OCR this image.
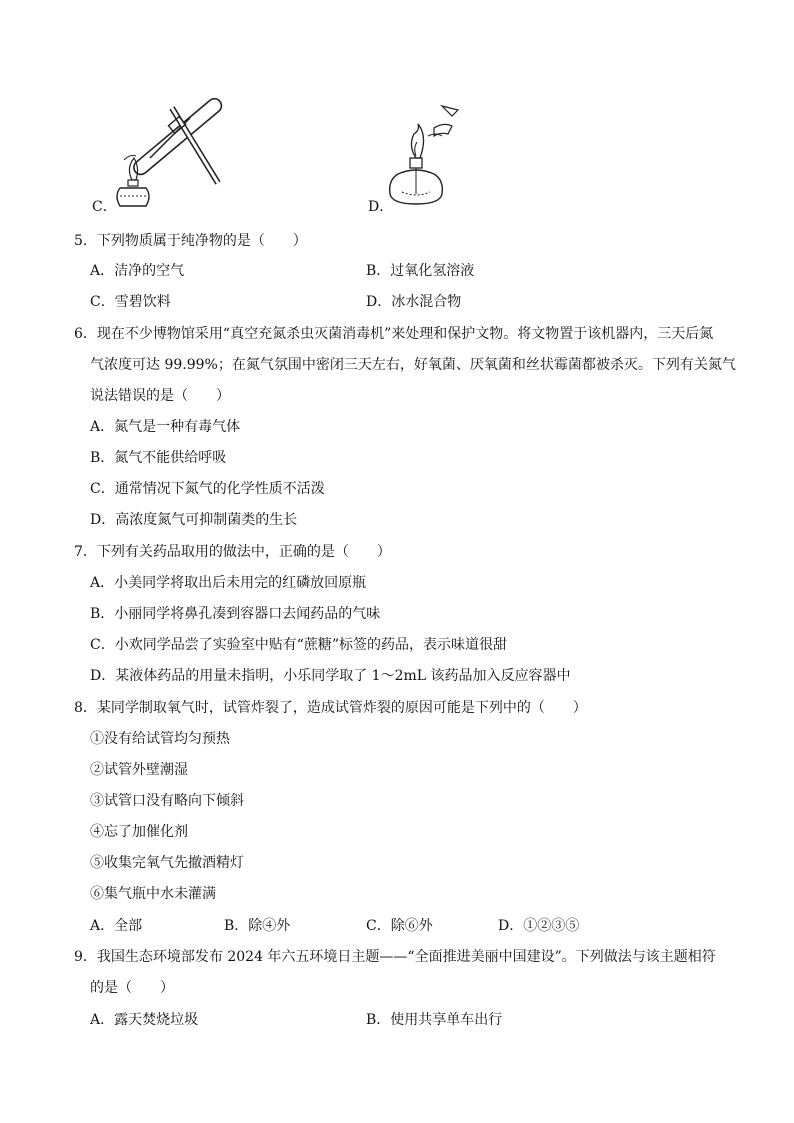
C．	D．
5．下列物质属于纯净物的是（　　）
A．洁净的空气	B．过氧化氢溶液
C．雪碧饮料	D．冰水混合物
6．现在不少博物馆采用“真空充氮杀虫灭菌消毒机”来处理和保护文物。将文物置于该机器内，三天后氮
气浓度可达 99.99%；在氮气氛围中密闭三天左右，好氧菌、厌氧菌和丝状霉菌都被杀灭。下列有关氮气
说法错误的是（　　）
A．氮气是一种有毒气体
B．氮气不能供给呼吸
C．通常情况下氮气的化学性质不活泼
D．高浓度氮气可抑制菌类的生长
7．下列有关药品取用的做法中，正确的是（　　）
A．小美同学将取出后未用完的红磷放回原瓶
B．小丽同学将鼻孔凑到容器口去闻药品的气味
C．小欢同学品尝了实验室中贴有“蔗糖”标签的药品，表示味道很甜
D．某液体药品的用量未指明，小乐同学取了 1～2mL 该药品加入反应容器中
8．某同学制取氧气时，试管炸裂了，造成试管炸裂的原因可能是下列中的（　　）
①没有给试管均匀预热
②试管外壁潮湿
③试管口没有略向下倾斜
④忘了加催化剂
⑤收集完氧气先撤酒精灯
⑥集气瓶中水未灌满
A．全部	B．除④外	C．除⑥外	D．①②③⑤
9．我国生态环境部发布 2024 年六五环境日主题——“全面推进美丽中国建设”。下列做法与该主题相符
的是（　　）
A．露天焚烧垃圾	B．使用共享单车出行
